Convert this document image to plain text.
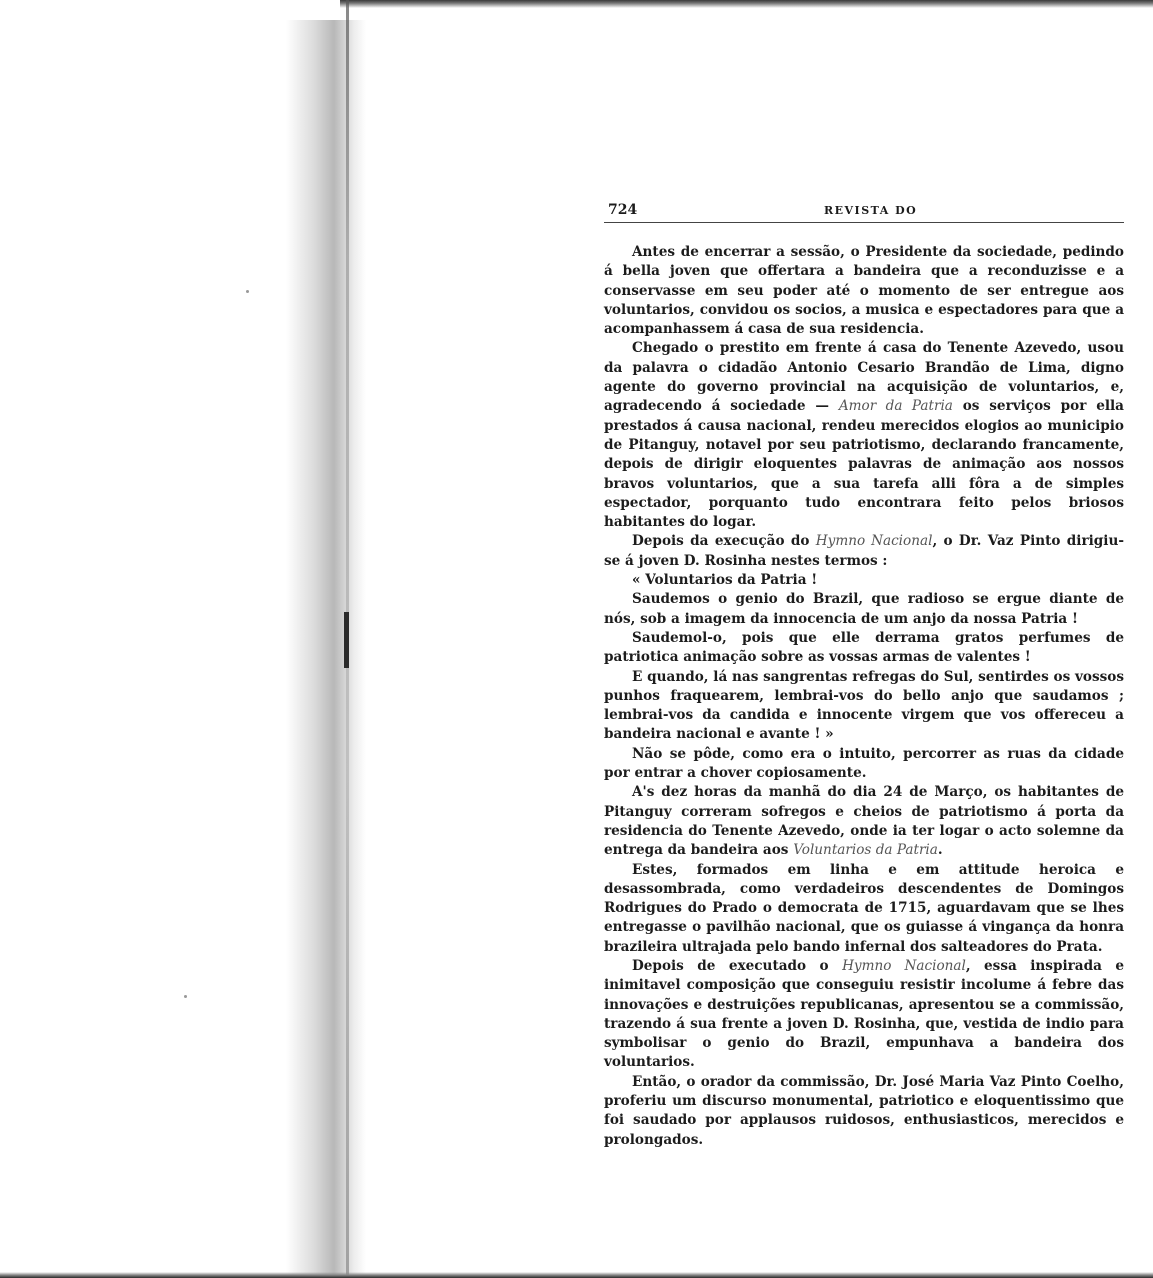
724	REVISTA DO

Antes de encerrar a sessão, o Presidente da sociedade, pedindo á bella joven que offertara a bandeira que a reconduzisse e a conservasse em seu poder até o momento de ser entregue aos voluntarios, convidou os socios, a musica e espectadores para que a acompanhassem á casa de sua residencia.

Chegado o prestito em frente á casa do Tenente Azevedo, usou da palavra o cidadão Antonio Cesario Brandão de Lima, digno agente do governo provincial na acquisição de voluntarios, e, agradecendo á sociedade — Amor da Patria os serviços por ella prestados á causa nacional, rendeu merecidos elogios ao municipio de Pitanguy, notavel por seu patriotismo, declarando francamente, depois de dirigir eloquentes palavras de animação aos nossos bravos voluntarios, que a sua tarefa alli fôra a de simples espectador, porquanto tudo encontrara feito pelos briosos habitantes do logar.

Depois da execução do Hymno Nacional, o Dr. Vaz Pinto dirigiu-se á joven D. Rosinha nestes termos :

« Voluntarios da Patria !

Saudemos o genio do Brazil, que radioso se ergue diante de nós, sob a imagem da innocencia de um anjo da nossa Patria !

Saudemol-o, pois que elle derrama gratos perfumes de patriotica animação sobre as vossas armas de valentes !

E quando, lá nas sangrentas refregas do Sul, sentirdes os vossos punhos fraquearem, lembrai-vos do bello anjo que saudamos ; lembrai-vos da candida e innocente virgem que vos offereceu a bandeira nacional e avante ! »

Não se pôde, como era o intuito, percorrer as ruas da cidade por entrar a chover copiosamente.

A's dez horas da manhã do dia 24 de Março, os habitantes de Pitanguy correram sofregos e cheios de patriotismo á porta da residencia do Tenente Azevedo, onde ia ter logar o acto solemne da entrega da bandeira aos Voluntarios da Patria.

Estes, formados em linha e em attitude heroica e desassombrada, como verdadeiros descendentes de Domingos Rodrigues do Prado o democrata de 1715, aguardavam que se lhes entregasse o pavilhão nacional, que os guiasse á vingança da honra brazileira ultrajada pelo bando infernal dos salteadores do Prata.

Depois de executado o Hymno Nacional, essa inspirada e inimitavel composição que conseguiu resistir incolume á febre das innovações e destruições republicanas, apresentou se a commissão, trazendo á sua frente a joven D. Rosinha, que, vestida de indio para symbolisar o genio do Brazil, empunhava a bandeira dos voluntarios.

Então, o orador da commissão, Dr. José Maria Vaz Pinto Coelho, proferiu um discurso monumental, patriotico e eloquentissimo que foi saudado por applausos ruidosos, enthusiasticos, merecidos e prolongados.
